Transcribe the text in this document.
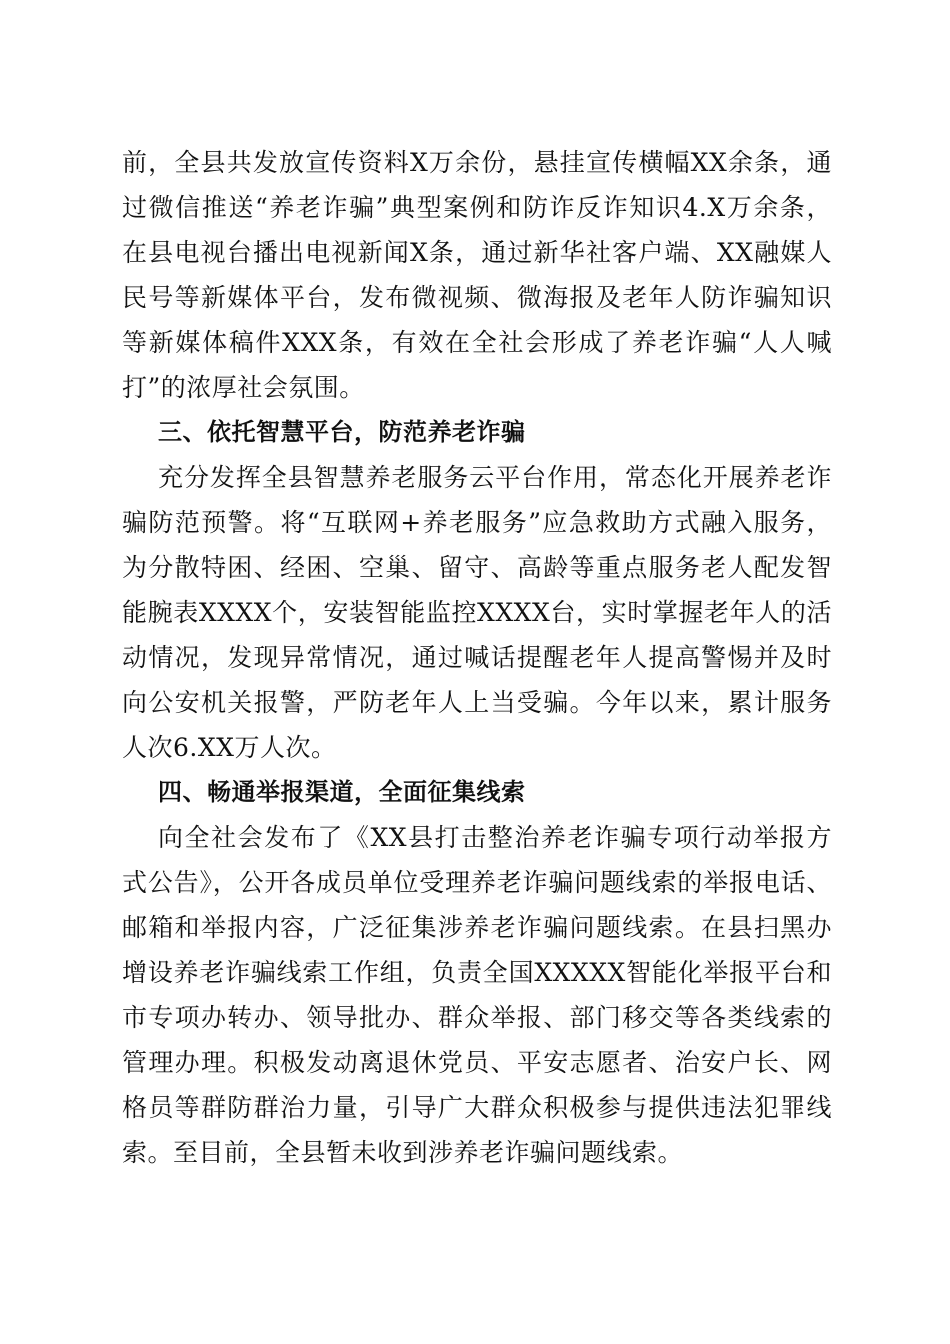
前，全县共发放宣传资料X万余份，悬挂宣传横幅XX余条，通
过微信推送“养老诈骗”典型案例和防诈反诈知识4.X万余条，
在县电视台播出电视新闻X条，通过新华社客户端、XX融媒人
民号等新媒体平台，发布微视频、微海报及老年人防诈骗知识
等新媒体稿件XXX条，有效在全社会形成了养老诈骗“人人喊
打”的浓厚社会氛围。
三、依托智慧平台，防范养老诈骗
充分发挥全县智慧养老服务云平台作用，常态化开展养老诈
骗防范预警。将“互联网+养老服务”应急救助方式融入服务，
为分散特困、经困、空巢、留守、高龄等重点服务老人配发智
能腕表XXXX个，安装智能监控XXXX台，实时掌握老年人的活
动情况，发现异常情况，通过喊话提醒老年人提高警惕并及时
向公安机关报警，严防老年人上当受骗。今年以来，累计服务
人次6.XX万人次。
四、畅通举报渠道，全面征集线索
向全社会发布了《XX县打击整治养老诈骗专项行动举报方
式公告》，公开各成员单位受理养老诈骗问题线索的举报电话、
邮箱和举报内容，广泛征集涉养老诈骗问题线索。在县扫黑办
增设养老诈骗线索工作组，负责全国XXXXX智能化举报平台和
市专项办转办、领导批办、群众举报、部门移交等各类线索的
管理办理。积极发动离退休党员、平安志愿者、治安户长、网
格员等群防群治力量，引导广大群众积极参与提供违法犯罪线
索。至目前，全县暂未收到涉养老诈骗问题线索。
